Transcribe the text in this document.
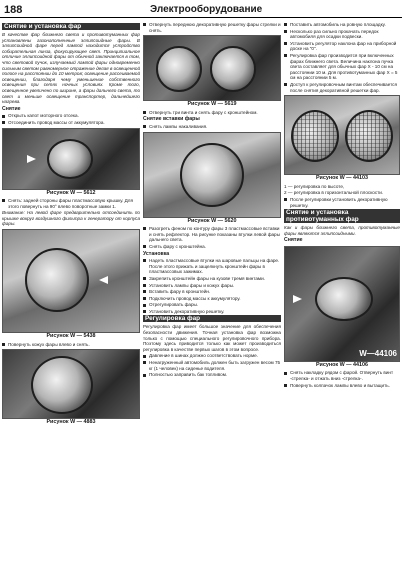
188	Электрооборудование
Снятие и установка фар
В качестве фар ближнего света и противотуманных фар установлены газонаполненные эллипсоидные фары. В эллипсоидной фаре перед лампой находится устройство собирательная линза, фокусирующее свет. Принципиальное отличие эллипсоидной фары от обычной заключается в том, что световой пучок, излучаемый лампой фары одновременно сильным светом равномерное отражение делая в освещенной полосе на расстоянии до 10 метров; освещение рассеиваемой освещении, благодаря чему уменьшение собственного освещения при сетях ночных условиях. Кроме того, освещенное увеличено по ширине, а фары дальнего света, то свет и меньше освещение транспортер, дальнейшего нагрева.
Снятие
Открыть капот моторного отсека.
Отсоединить провод массы от аккумулятора.
Рисунок W — 5612
Снять: задней стороны фары пластмассовую крышку. Для этого повернуть на 90° влево поворотные замки 1.
Внимание: На левой фаре предварительно отсоединить по крышке вокруг воздушного фильтра к генератору от корпуса фары.
Рисунок W — 5438
Повернуть кожух фары влево и снять.
Рисунок W — 4883
Отвернуть переднюю декоративную решетку фары стрелки и снять.
Рисунок W — 5619
Отвернуть три винта и снять фару с кронштейном.
Снятие вставки фары
Снять лампы накаливания.
Рисунок W — 5620
Разогреть феном по контуру фары 3 пластмассовые вставки и снять рефлектор. На рисунке показаны втулки левой фары дальнего света.
Снять фару с кронштейна.
Установка
Надеть пластмассовые втулки на шаровые пальцы на фаре. После этого прижать и защелкнуть кронштейн фары в пластмассовых зажимах.
Закрепить кронштейн фары на кузове тремя винтами.
Установить лампы фары и кожух фары.
Вставить фару в кронштейн.
Подключить провод массы к аккумулятору.
Отрегулировать фары.
Установить декоративную решетку.
Регулировка фар
Регулировка фар имеет большое значение для обеспечения безопасности движения. Точная установка фар возможна только с помощью специального регулировочного прибора. Поэтому здесь приводится только как может производиться регулировка в качестве первых шагов в этом вопросе.
Давление в шинах должно соответствовать норме.
Ненагруженный автомобиль должен быть загружен весом 75 кг (1 человек) на сиденье водителя.
Полностью заправить бак топливом.
Поставить автомобиль на ровную площадку.
Несколько раз сильно прокачать передок автомобиля для осадки подвески.
Установить регулятор наклона фар на приборной доске на "0".
Регулировка фар производится при включенных фарах ближнего света. Величина наклона пучка света составляет для обычных фар Х - 10 см на расстоянии 10 м. Для противотуманных фар Х = 5 см на расстоянии 5 м.
Доступ к регулировочным винтам обеспечивается после снятия декоративной решетки фар.
Рисунок W — 44103
1 — регулировка по высоте,
2 — регулировка в горизонтальной плоскости.
После регулировки установить декоративную решетку.
Снятие и установка противотуманных фар
Как и фары ближнего света, противотуманные фары являются эллипсоидными.
Снятие
W—44106
Рисунок W — 44106
Снять накладку рядом с фарой. Отвернуть винт -стрелка- и отжать вниз -стрелка-.
Повернуть колпачок лампы влево и вытащить.
